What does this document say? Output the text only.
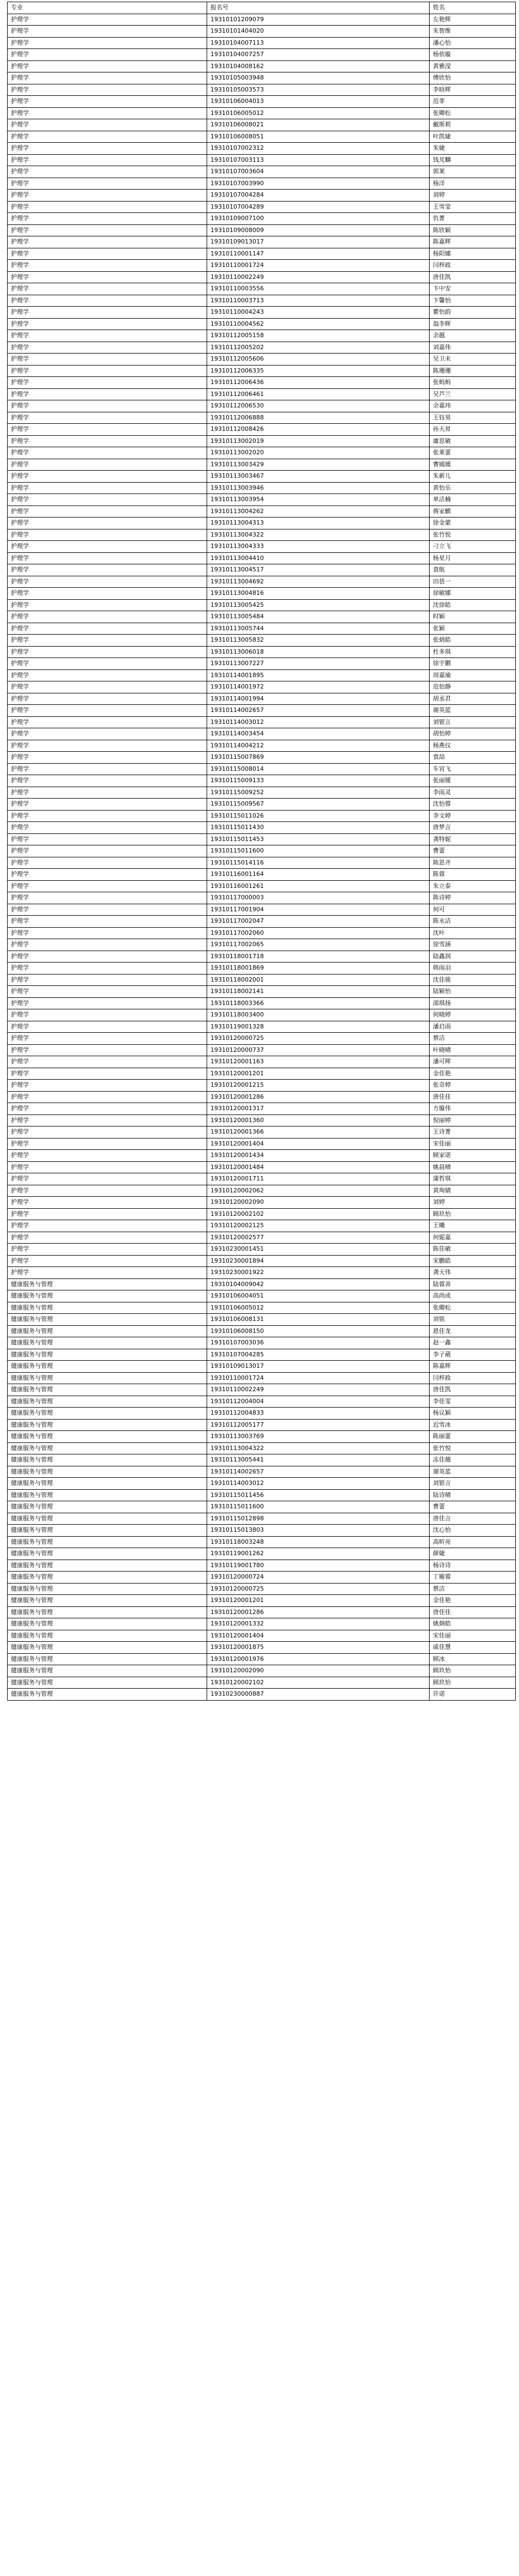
专业	报名号	姓名
护理学	19310101209079	左艳辉
护理学	19310101404020	朱智维
护理学	19310104007113	潘心怡
护理学	19310104007257	杨依璇
护理学	19310104008162	黄雅滢
护理学	19310105003948	傅欣怡
护理学	19310105003573	李晗辉
护理学	19310106004013	范菲
护理学	19310106005012	张卿松
护理学	19310106008021	戴斯莉
护理学	19310106008051	叶凯婕
护理学	19310107002312	朱婕
护理学	19310107003113	钱芃麟
护理学	19310107003604	郭莱
护理学	19310107003990	杨洋
护理学	19310107004284	刘婷
护理学	19310107004289	王雪莹
护理学	19310109007100	仇菁
护理学	19310109008009	陈欣颖
护理学	19310109013017	陈嘉辉
护理学	19310110001147	杨阳娜
护理学	19310110001724	闫梓政
护理学	19310110002249	唐佳凯
护理学	19310110003556	卞中安
护理学	19310110003713	卞馨怡
护理学	19310110004243	瞿怡韵
护理学	19310110004562	翁李辉
护理学	19310112005158	余越
护理学	19310112005202	刘嘉伟
护理学	19310112005606	吴卫未
护理学	19310112006335	陈珊珊
护理学	19310112006436	张蚂蚂
护理学	19310112006461	吴芦兰
护理学	19310112006530	余嘉玮
护理学	19310112006888	王钰昊
护理学	19310112008426	孙天昇
护理学	19310113002019	庸思敏
护理学	19310113002020	张莱蕾
护理学	19310113003429	曹嫣媛
护理学	19310113003467	朱新儿
护理学	19310113003946	黄怡乐
护理学	19310113003954	单洁楠
护理学	19310113004262	蒋家麒
护理学	19310113004313	徐金蒙
护理学	19310113004322	张竹悦
护理学	19310113004333	刁立飞
护理学	19310113004410	杨星月
护理学	19310113004517	袁航
护理学	19310113004692	田蓓一
护理学	19310113004816	徐敏娜
护理学	19310113005425	沈徐皓
护理学	19310113005484	时颖
护理学	19310113005744	张颖
护理学	19310113005832	张炳皓
护理学	19310113006018	杜多琪
护理学	19310113007227	徐宇鹏
护理学	19310114001895	周嘉瑜
护理学	19310114001972	范怡静
护理学	19310114001994	胡丞君
护理学	19310114002657	谢英蓝
护理学	19310114003012	刘银言
护理学	19310114003454	胡怡婷
护理学	19310114004212	杨燕仪
护理学	19310115007869	袁喆
护理学	19310115008014	车宫飞
护理学	19310115009133	张丽媛
护理学	19310115009252	李雨灵
护理学	19310115009567	沈怡蓉
护理学	19310115011026	李文婷
护理学	19310115011430	唐梦言
护理学	19310115011453	龚特妮
护理学	19310115011600	曹蕾
护理学	19310115014116	陈思齐
护理学	19310116001164	陈蓉
护理学	19310116001261	朱立泰
护理学	19310117000003	陈诗婷
护理学	19310117001904	何可
护理学	19310117002047	陈永洁
护理学	19310117002060	沈叶
护理学	19310117002065	徐雪涵
护理学	19310118001718	陆鑫润
护理学	19310118001869	韩雨羽
护理学	19310118002001	沈佳骏
护理学	19310118002141	陆颖怡
护理学	19310118003366	邵琪扬
护理学	19310118003400	何晓婷
护理学	19310119001328	潘启雨
护理学	19310120000725	蔡洁
护理学	19310120000737	叶晓晴
护理学	19310120001163	潘可辉
护理学	19310120001201	金佳艳
护理学	19310120001215	张奇婷
护理学	19310120001286	唐佳佳
护理学	19310120001317	方璇伟
护理学	19310120001360	倪丽婷
护理学	19310120001366	王诗菁
护理学	19310120001404	宋佳丽
护理学	19310120001434	顾家诺
护理学	19310120001484	姚晨晴
护理学	19310120001711	蒲哲琪
护理学	19310120002062	黄珣婧
护理学	19310120002090	刘婷
护理学	19310120002102	顾玖怡
护理学	19310120002125	王曦
护理学	19310120002577	何妮嘉
护理学	19310230001451	陈佳敏
护理学	19310230001894	宋鹏皓
护理学	19310230001922	龚天伟
健康服务与管理	19310104009042	陆蓉善
健康服务与管理	19310106004051	高尚成
健康服务与管理	19310106005012	张卿松
健康服务与管理	19310106008131	刘铭
健康服务与管理	19310106008150	恩佳龙
健康服务与管理	19310107003036	赵一鑫
健康服务与管理	19310107004285	李子葳
健康服务与管理	19310109013017	陈嘉辉
健康服务与管理	19310110001724	闫梓政
健康服务与管理	19310110002249	唐佳凯
健康服务与管理	19310112004004	李佳雯
健康服务与管理	19310112004833	杨议颖
健康服务与管理	19310112005177	迟雪冰
健康服务与管理	19310113003769	陈丽蕾
健康服务与管理	19310113004322	张竹悦
健康服务与管理	19310113005441	冻佳薇
健康服务与管理	19310114002657	谢英蓝
健康服务与管理	19310114003012	刘银言
健康服务与管理	19310115011456	陆诗晴
健康服务与管理	19310115011600	曹蕾
健康服务与管理	19310115012898	唐佳言
健康服务与管理	19310115013803	沈心怡
健康服务与管理	19310118003248	高昕亮
健康服务与管理	19310119001262	薛婕
健康服务与管理	19310119001780	杨诗诗
健康服务与管理	19310120000724	丁雁蓉
健康服务与管理	19310120000725	蔡洁
健康服务与管理	19310120001201	金佳艳
健康服务与管理	19310120001286	唐佳佳
健康服务与管理	19310120001332	姚炯皓
健康服务与管理	19310120001404	宋佳丽
健康服务与管理	19310120001875	戚佳慧
健康服务与管理	19310120001976	顾冰
健康服务与管理	19310120002090	顾玖怡
健康服务与管理	19310120002102	顾玖怡
健康服务与管理	19310230000887	许诺
